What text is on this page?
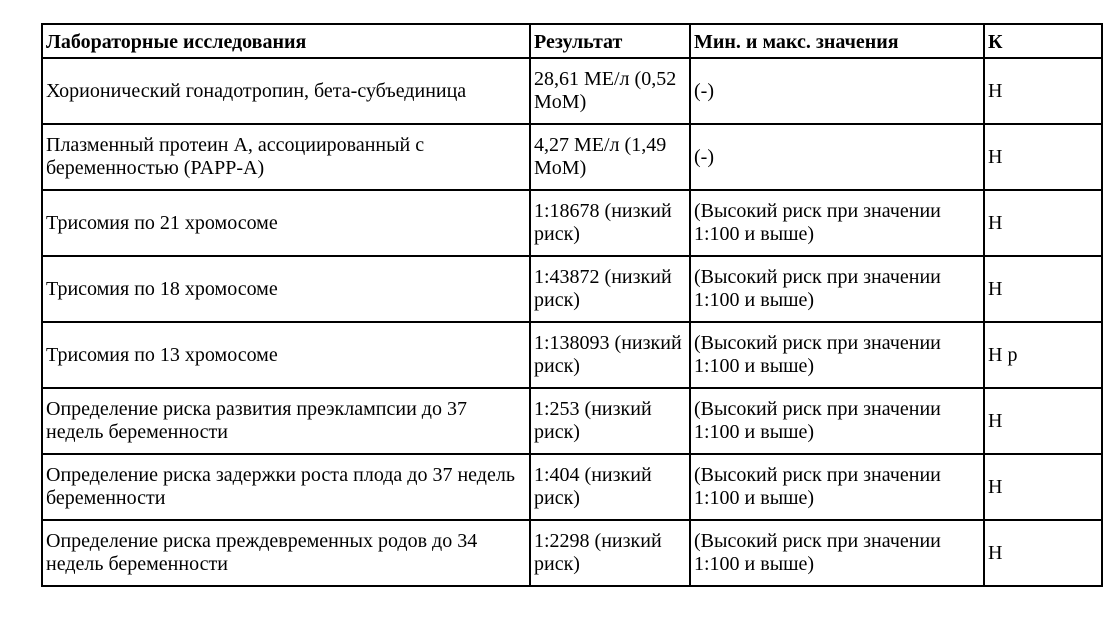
Лабораторные исследования	Результат	Мин. и макс. значения	К
Хорионический гонадотропин, бета-субъединица	28,61 МЕ/л (0,52 MoM)	(-)	Н
Плазменный протеин А, ассоциированный с беременностью (PAPP-A)	4,27 МЕ/л (1,49 MoM)	(-)	Н
Трисомия по 21 хромосоме	1:18678 (низкий риск)	(Высокий риск при значении 1:100 и выше)	Н
Трисомия по 18 хромосоме	1:43872 (низкий риск)	(Высокий риск при значении 1:100 и выше)	Н
Трисомия по 13 хромосоме	1:138093 (низкий риск)	(Высокий риск при значении 1:100 и выше)	Н р
Определение риска развития преэклампсии до 37 недель беременности	1:253 (низкий риск)	(Высокий риск при значении 1:100 и выше)	Н
Определение риска задержки роста плода до 37 недель беременности	1:404 (низкий риск)	(Высокий риск при значении 1:100 и выше)	Н
Определение риска преждевременных родов до 34 недель беременности	1:2298 (низкий риск)	(Высокий риск при значении 1:100 и выше)	Н
